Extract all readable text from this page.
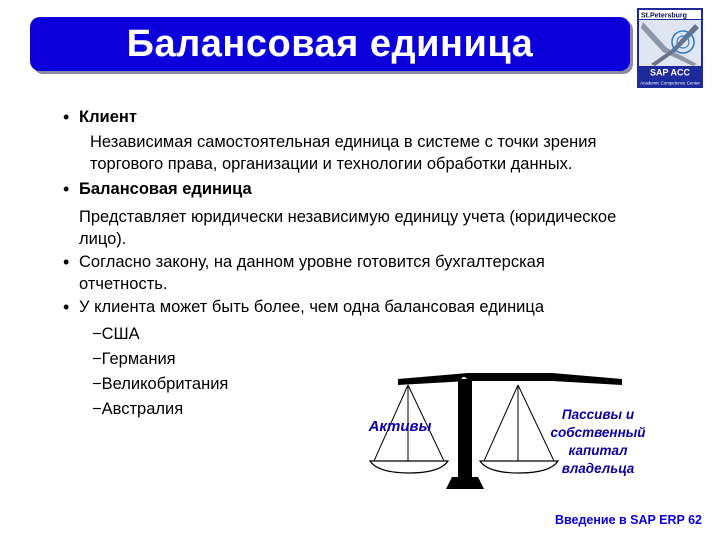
Балансовая единица
St.Petersburg
SAP ACC
Academic Competence Center
• Клиент
Независимая самостоятельная единица в системе с точки зрения
торгового права, организации и технологии обработки данных.
• Балансовая единица
Представляет юридически независимую единицу учета (юридическое
лицо).
• Согласно закону, на данном уровне готовится бухгалтерская
отчетность.
• У клиента может быть более, чем одна балансовая единица
−США
−Германия
−Великобритания
−Австралия
Активы
Пассивы и
собственный
капитал
владельца
Введение в SAP ERP 62
